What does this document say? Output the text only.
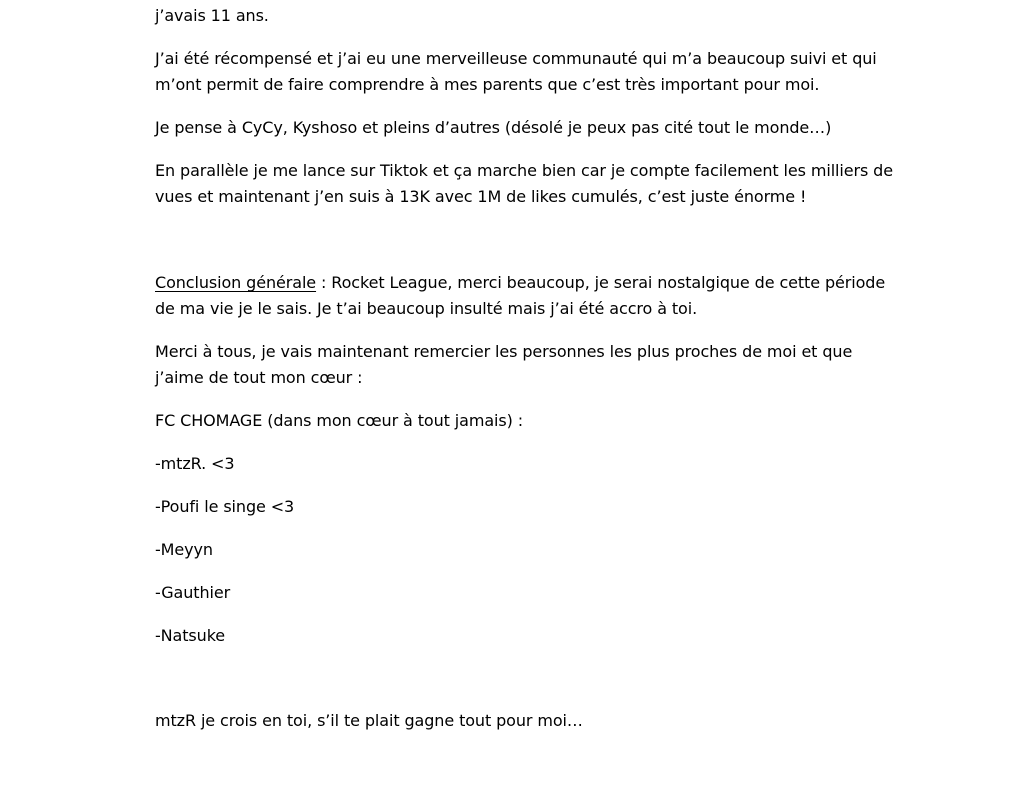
j’avais 11 ans.

J’ai été récompensé et j’ai eu une merveilleuse communauté qui m’a beaucoup suivi et qui
m’ont permit de faire comprendre à mes parents que c’est très important pour moi.

Je pense à CyCy, Kyshoso et pleins d’autres (désolé je peux pas cité tout le monde…)

En parallèle je me lance sur Tiktok et ça marche bien car je compte facilement les milliers de
vues et maintenant j’en suis à 13K avec 1M de likes cumulés, c’est juste énorme !

Conclusion générale : Rocket League, merci beaucoup, je serai nostalgique de cette période
de ma vie je le sais. Je t’ai beaucoup insulté mais j’ai été accro à toi.

Merci à tous, je vais maintenant remercier les personnes les plus proches de moi et que
j’aime de tout mon cœur :

FC CHOMAGE (dans mon cœur à tout jamais) :

-mtzR. <3

-Poufi le singe <3

-Meyyn

-Gauthier

-Natsuke

mtzR je crois en toi, s’il te plait gagne tout pour moi…
